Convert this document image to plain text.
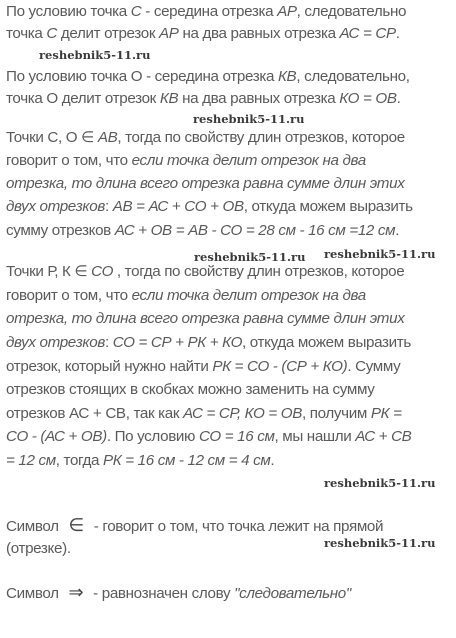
По условию точка С - середина отрезка АР, следовательно
точка С делит отрезок АР на два равных отрезка АС = СР.
По условию точка О - середина отрезка КВ, следовательно,
точка О делит отрезок КВ на два равных отрезка КО = ОВ.
Точки С, О ∈ АВ, тогда по свойству длин отрезков, которое
говорит о том, что если точка делит отрезок на два
отрезка, то длина всего отрезка равна сумме длин этих
двух отрезков: АВ = АС + СО + ОВ, откуда можем выразить
сумму отрезков АС + ОВ = АВ - СО = 28 см - 16 см =12 см.
Точки Р, К ∈ СО , тогда по свойству длин отрезков, которое
говорит о том, что если точка делит отрезок на два
отрезка, то длина всего отрезка равна сумме длин этих
двух отрезков: СО = СР + РК + КО, откуда можем выразить
отрезок, который нужно найти РК = СО - (СР + КО). Сумму
отрезков стоящих в скобках можно заменить на сумму
отрезков АС + СВ, так как АС = СР, КО = ОВ, получим РК =
СО - (АС + ОВ). По условию СО = 16 см, мы нашли АС + СВ
= 12 см, тогда РК = 16 см - 12 см = 4 см.
Символ ∈ - говорит о том, что точка лежит на прямой
(отрезке).
Символ ⇒ - равнозначен слову "следовательно"
reshebnik5-11.ru
reshebnik5-11.ru
reshebnik5-11.ru
reshebnik5-11.ru
reshebnik5-11.ru
reshebnik5-11.ru
